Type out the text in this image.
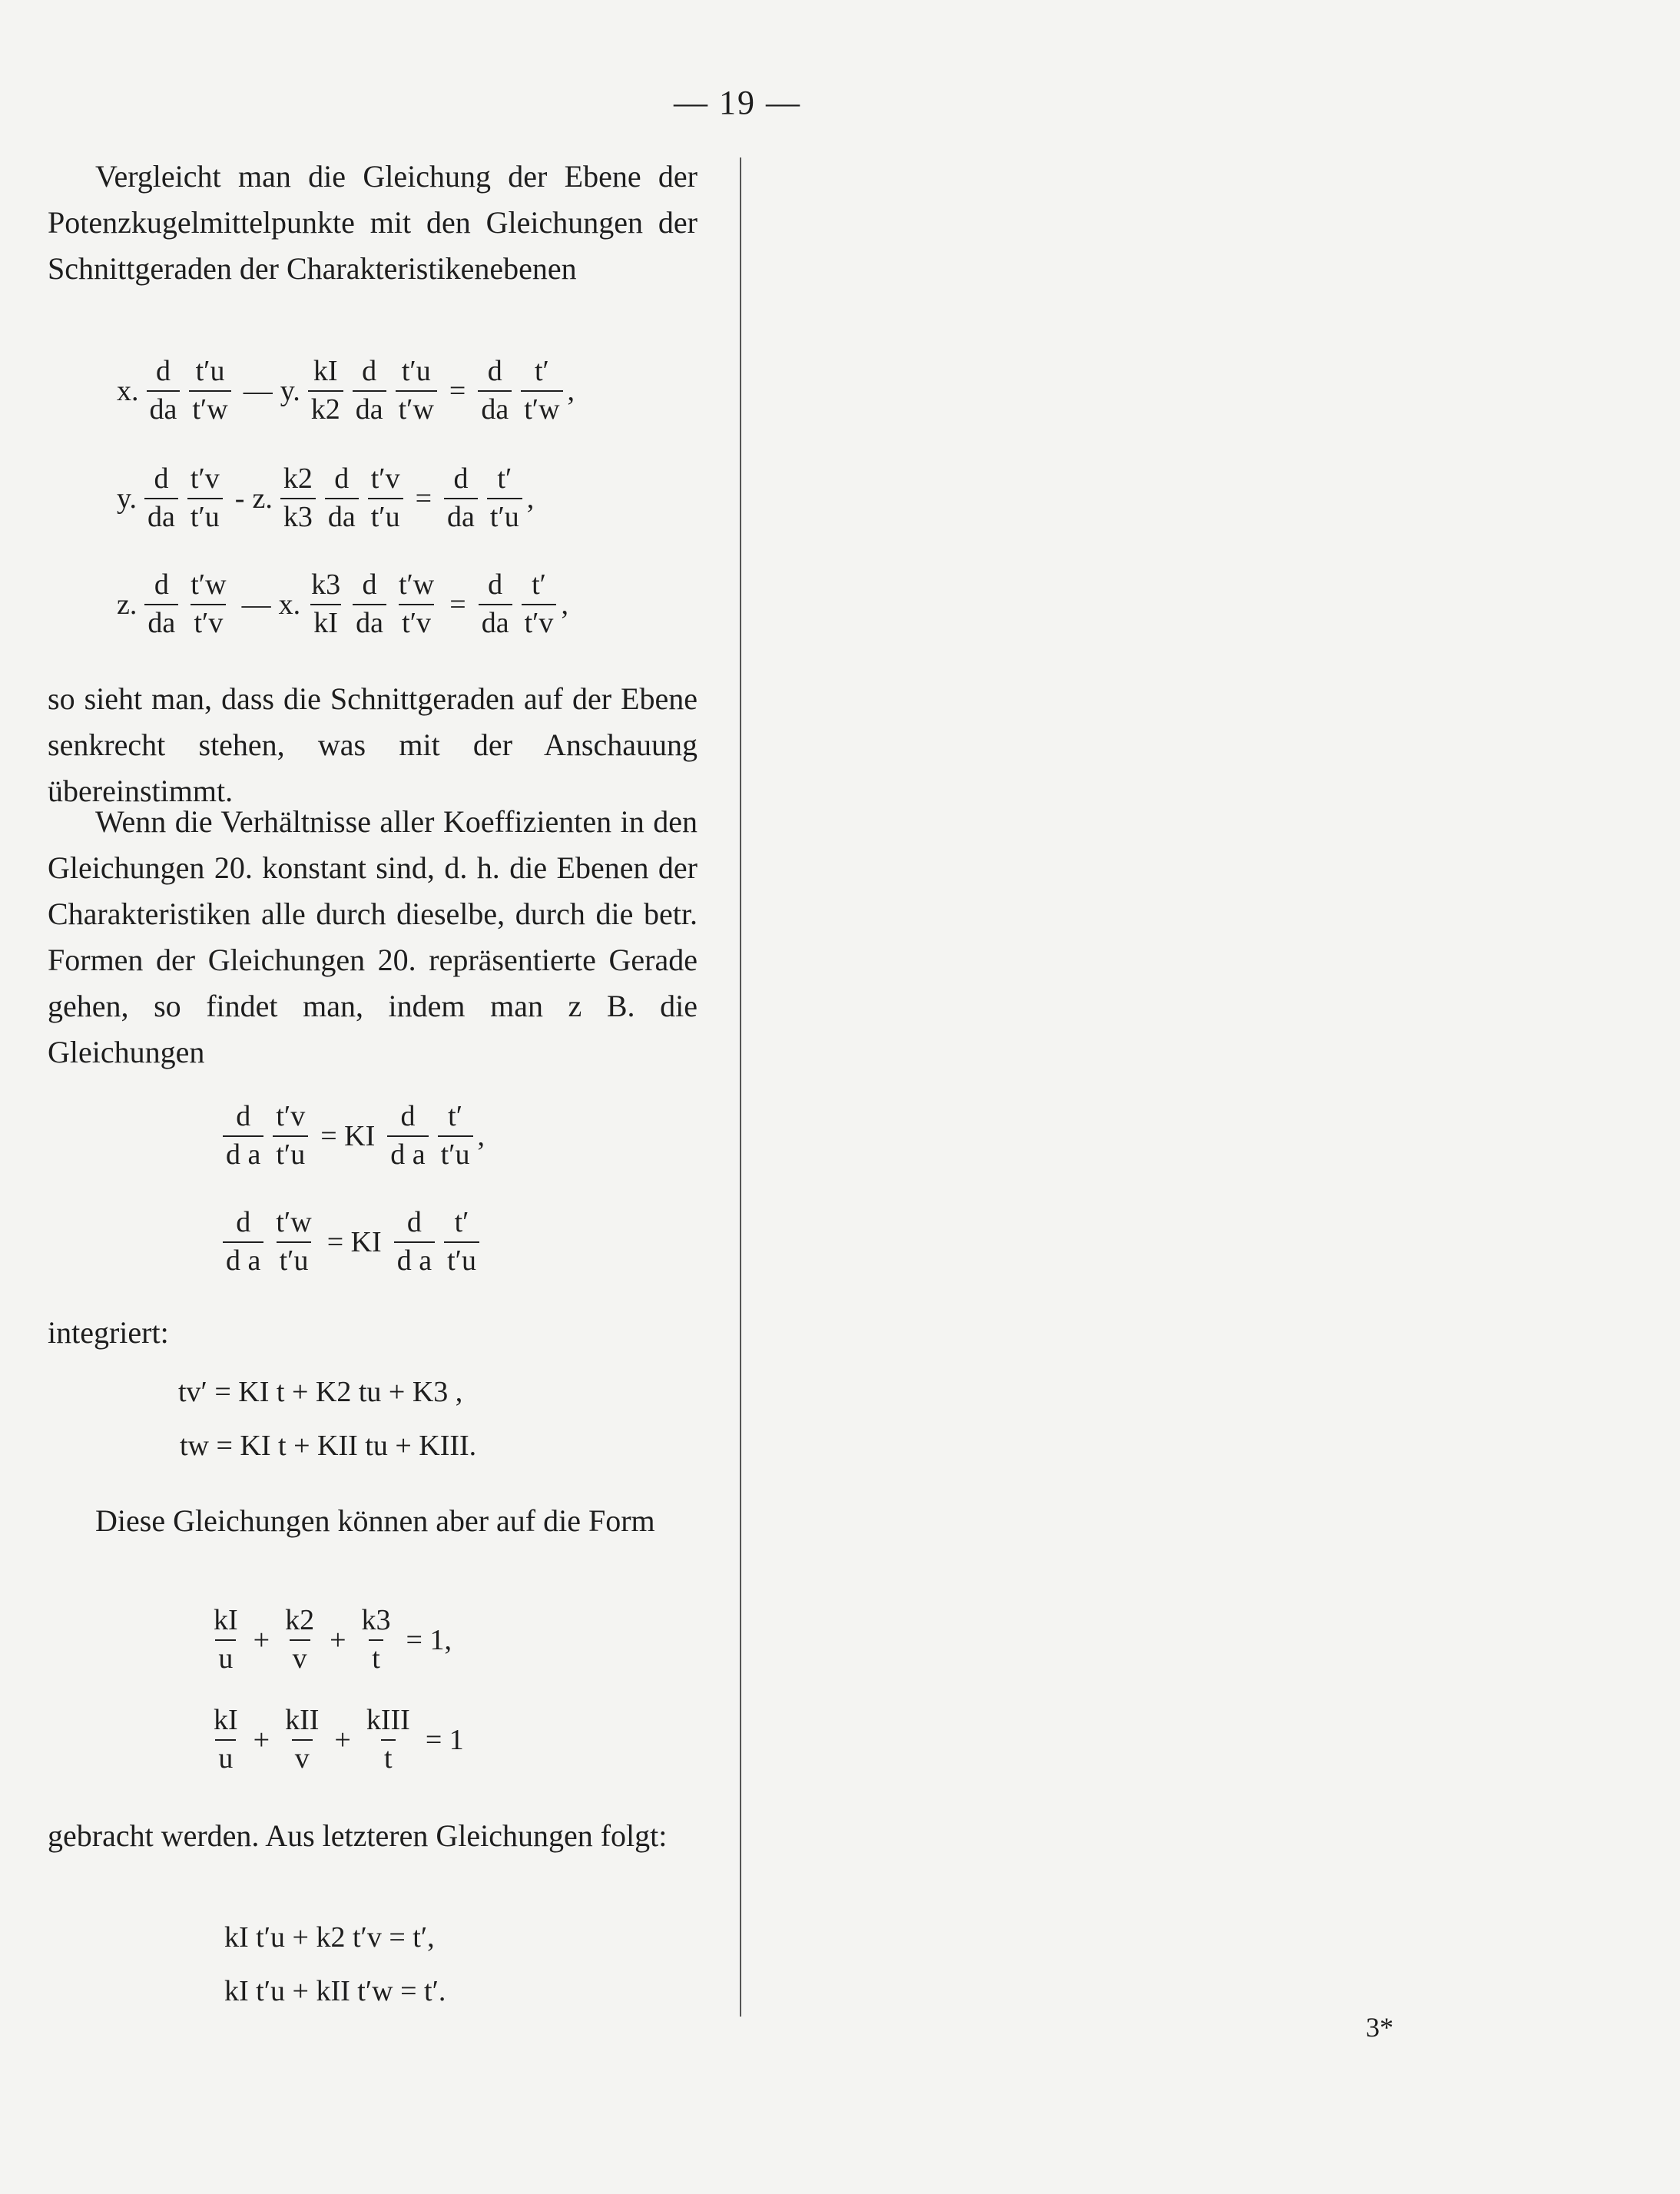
— 19 —
3*

Vergleicht man die Gleichung der Ebene der Potenzkugelmittelpunkte mit den Gleichungen der Schnittgeraden der Charakteristikenebenen

x.
d
da
t′u
t′w
— y.
kI
k2
d
da $\frac{t'u}{t'w} = \frac{d}{da} t'$
t′w
,
y.
d
da
t′v
t′u
- z.
k2
k3
d
da $\frac{t'v}{t'u} = \frac{d}{da} t'$
t′u
,
z.
d
da
t′w
t′v
— x.
k3
kI
d
da $\frac{t'w}{t'v} = \frac{d}{da} t'$
t′v
,

so sieht man, dass die Schnittgeraden auf der Ebene senkrecht stehen, was mit der Anschauung übereinstimmt.

Wenn die Verhältnisse aller Koeffizienten in den Gleichungen 20. konstant sind, d. h. die Ebenen der Charakteristiken alle durch dieselbe, durch die betr. Formen der Gleichungen 20. repräsentierte Gerade gehen, so findet man, indem man z B. die Gleichungen

d
d a $\frac{t'v}{t'u}$ = KI
d
d a
t′
t′u
,
d
d a $\frac{t'w}{t'u}$ = KI
d
d a
t′
t′u

integriert:

tv′ = KI t + K2 tu + K3 ,

tw = KI t + KII tu + KIII.

Diese Gleichungen können aber auf die Form

kI
u
+ $\frac{k2}{v} + \frac{k3}{t} = 1$,
kI
u
+
kII
v
+
kIII
t
= 1

gebracht werden. Aus letzteren Gleichungen folgt:

kI t′u + k2 t′v = t′,

kI t′u + kII t′w = t′.
